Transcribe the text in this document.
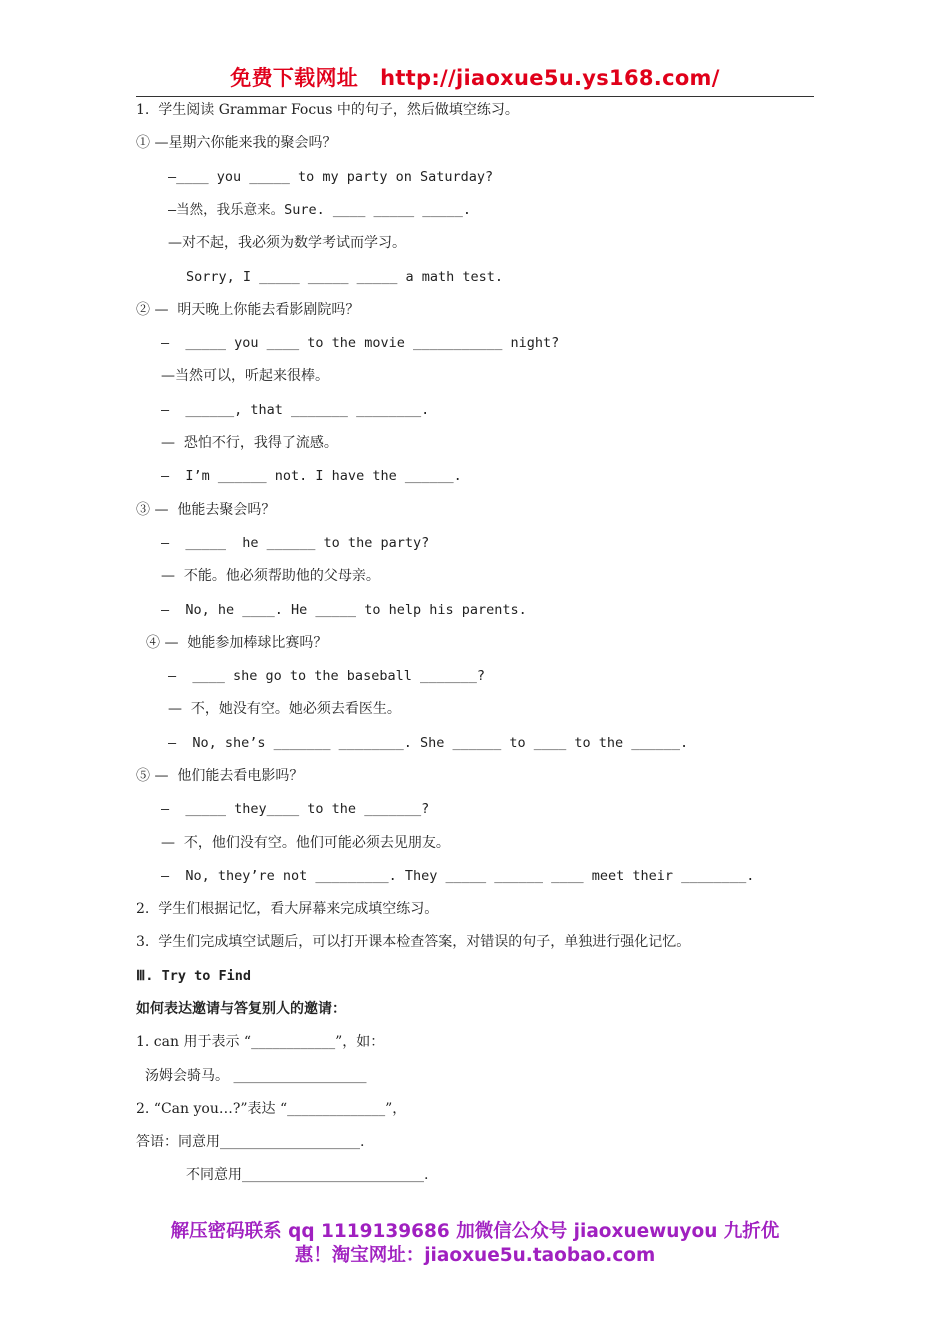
免费下载网址 http://jiaoxue5u.ys168.com/
1.  学生阅读 Grammar Focus 中的句子，然后做填空练习。
① —星期六你能来我的聚会吗？
—____ you _____ to my party on Saturday?
—当然，我乐意来。Sure. ____ _____ _____.
—对不起，我必须为数学考试而学习。
Sorry, I _____ _____ _____ a math test.
② —  明天晚上你能去看影剧院吗？
—  _____ you ____ to the movie ___________ night?
—当然可以，听起来很棒。
—  ______, that _______ ________.
—  恐怕不行，我得了流感。
—  I’m ______ not. I have the ______.
③ —  他能去聚会吗？
—  _____  he ______ to the party?
—  不能。他必须帮助他的父母亲。
—  No, he ____. He _____ to help his parents.
④ —  她能参加棒球比赛吗？
—  ____ she go to the baseball _______?
—  不，她没有空。她必须去看医生。
—  No, she’s _______ ________. She ______ to ____ to the ______.
⑤ —  他们能去看电影吗？
—  _____ they____ to the _______?
—  不，他们没有空。他们可能必须去见朋友。
—  No, they’re not _________. They _____ ______ ____ meet their ________.
2.  学生们根据记忆，看大屏幕来完成填空练习。
3.  学生们完成填空试题后，可以打开课本检查答案，对错误的句子，单独进行强化记忆。
Ⅲ. Try to Find
如何表达邀请与答复别人的邀请：
1. can 用于表示 “____________”，如：
汤姆会骑马。 ___________________
2. “Can you…?”表达 “______________”，
答语：同意用____________________.
不同意用__________________________.
解压密码联系 qq 1119139686 加微信公众号 jiaoxuewuyou 九折优
惠！淘宝网址：jiaoxue5u.taobao.com
